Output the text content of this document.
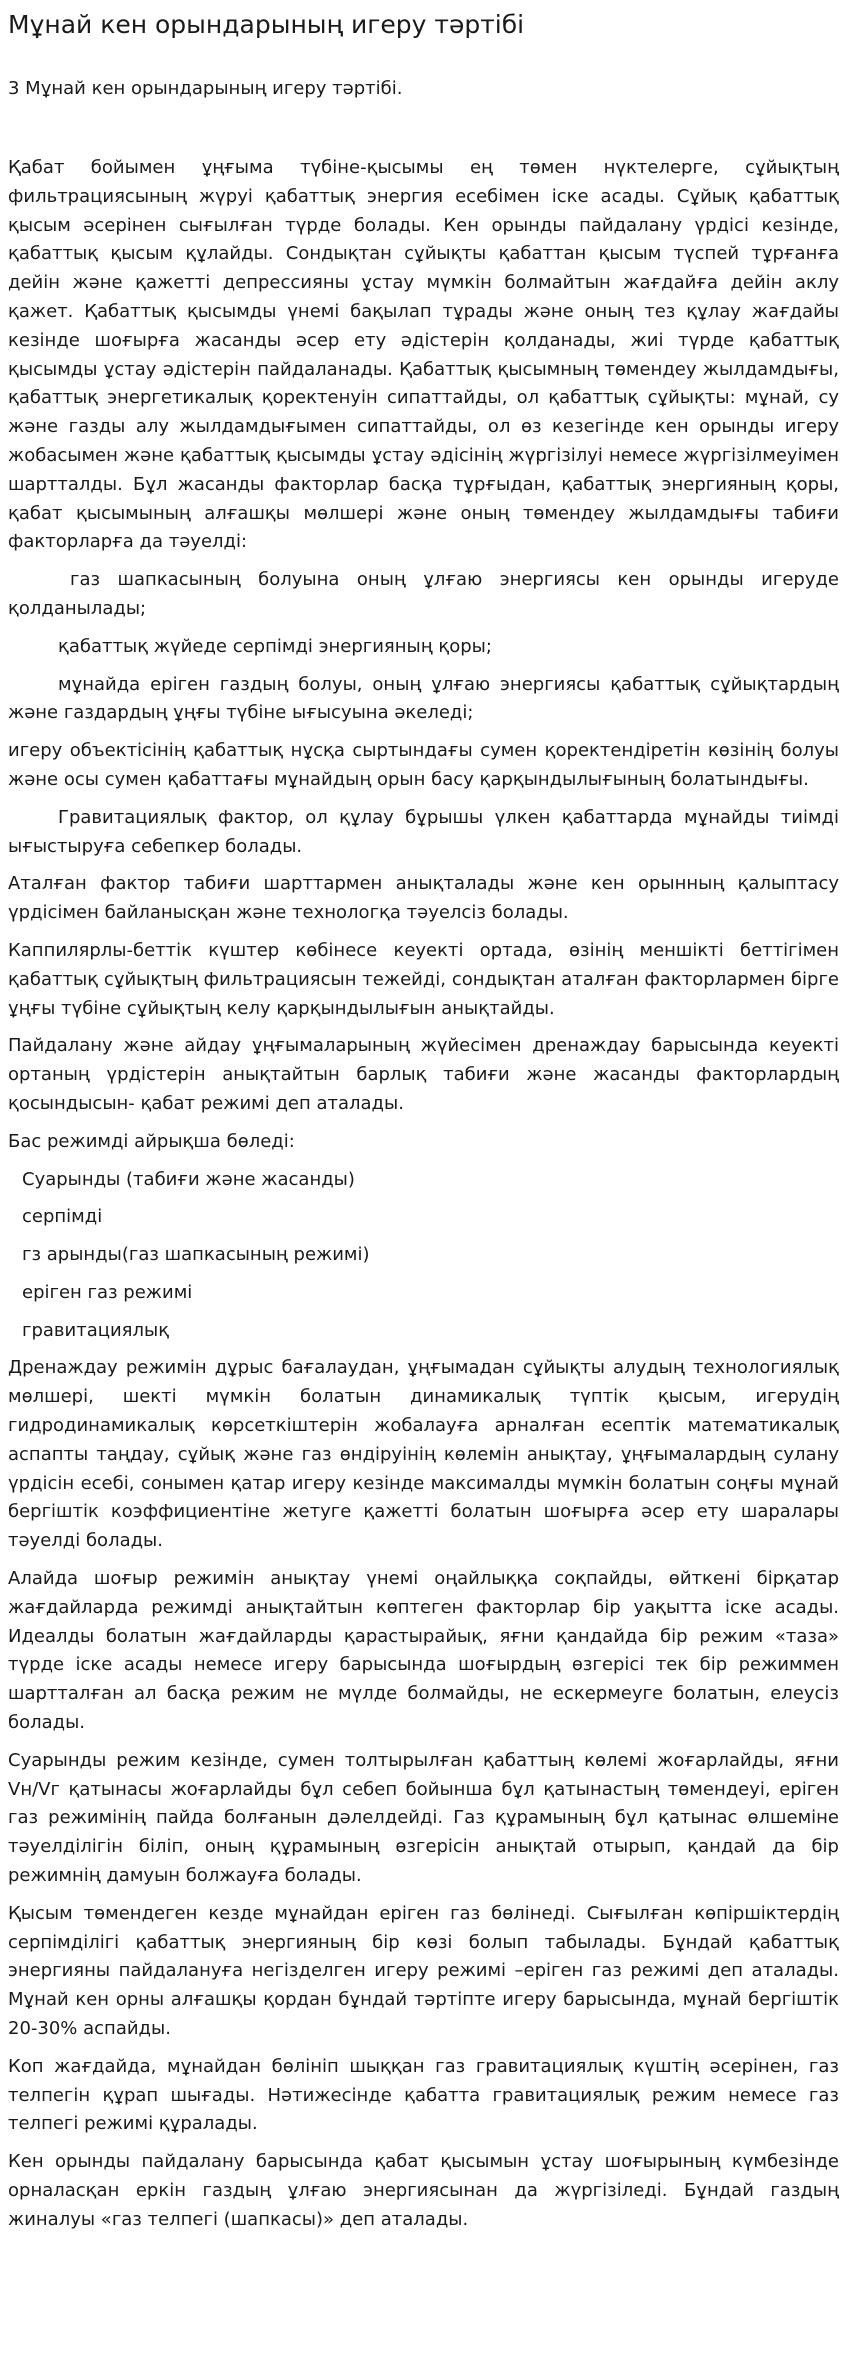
Мұнай кен орындарының игеру тәртібі

3 Мұнай кен орындарының игеру тәртібі.

Қабат бойымен ұңғыма түбіне-қысымы ең төмен нүктелерге, сұйықтың фильтрациясының жүруі қабаттық энергия есебімен іске асады. Сұйық қабаттық қысым әсерінен сығылған түрде болады. Кен орынды пайдалану үрдісі кезінде, қабаттық қысым құлайды. Сондықтан сұйықты қабаттан қысым түспей тұрғанға дейін және қажетті депрессияны ұстау мүмкін болмайтын жағдайға дейін аклу қажет. Қабаттық қысымды үнемі бақылап тұрады және оның тез құлау жағдайы кезінде шоғырға жасанды әсер ету әдістерін қолданады, жиі түрде қабаттық қысымды ұстау әдістерін пайдаланады. Қабаттық қысымның төмендеу жылдамдығы, қабаттық энергетикалық қоректенуін сипаттайды, ол қабаттық сұйықты: мұнай, су және газды алу жылдамдығымен сипаттайды, ол өз кезегінде кен орынды игеру жобасымен және қабаттық қысымды ұстау әдісінің жүргізілуі немесе жүргізілмеуімен шартталды. Бұл жасанды факторлар басқа тұрғыдан, қабаттық энергияның қоры, қабат қысымының алғашқы мөлшері және оның төмендеу жылдамдығы табиғи факторларға да тәуелді:

газ шапкасының болуына оның ұлғаю энергиясы кен орынды игеруде қолданылады;

қабаттық жүйеде серпімді энергияның қоры;

мұнайда еріген газдың болуы, оның ұлғаю энергиясы қабаттық сұйықтардың және газдардың ұңғы түбіне ығысуына әкеледі;

игеру объектісінің қабаттық нұсқа сыртындағы сумен қоректендіретін көзінің болуы және осы сумен қабаттағы мұнайдың орын басу қарқындылығының болатындығы.

Гравитациялық фактор, ол құлау бұрышы үлкен қабаттарда мұнайды тиімді ығыстыруға себепкер болады.

Аталған фактор табиғи шарттармен анықталады және кен орынның қалыптасу үрдісімен байланысқан және технологқа тәуелсіз болады.

Каппилярлы-беттік күштер көбінесе кеуекті ортада, өзінің меншікті беттігімен қабаттық сұйықтың фильтрациясын тежейді, сондықтан аталған факторлармен бірге ұңғы түбіне сұйықтың келу қарқындылығын анықтайды.

Пайдалану және айдау ұңғымаларының жүйесімен дренаждау барысында кеуекті ортаның үрдістерін анықтайтын барлық табиғи және жасанды факторлардың қосындысын- қабат режимі деп аталады.

Бас режимді айрықша бөледі:

Суарынды (табиғи және жасанды)

серпімді

гз арынды(газ шапкасының режимі)

еріген газ режимі

гравитациялық

Дренаждау режимін дұрыс бағалаудан, ұңғымадан сұйықты алудың технологиялық мөлшері, шекті мүмкін болатын динамикалық түптік қысым, игерудің гидродинамикалық көрсеткіштерін жобалауға арналған есептік математикалық аспапты таңдау, сұйық және газ өндіруінің көлемін анықтау, ұңғымалардың сулану үрдісін есебі, сонымен қатар игеру кезінде максималды мүмкін болатын соңғы мұнай бергіштік коэффициентіне жетуге қажетті болатын шоғырға әсер ету шаралары тәуелді болады.

Алайда шоғыр режимін анықтау үнемі оңайлыққа соқпайды, өйткені бірқатар жағдайларда режимді анықтайтын көптеген факторлар бір уақытта іске асады. Идеалды болатын жағдайларды қарастырайық, яғни қандайда бір режим «таза» түрде іске асады немесе игеру барысында шоғырдың өзгерісі тек бір режиммен шартталған ал басқа режим не мүлде болмайды, не ескермеуге болатын, елеусіз болады.

Суарынды режим кезінде, сумен толтырылған қабаттың көлемі жоғарлайды, яғни Vн/Vг қатынасы жоғарлайды бұл себеп бойынша бұл қатынастың төмендеуі, еріген газ режимінің пайда болғанын дәлелдейді. Газ құрамының бұл қатынас өлшеміне тәуелділігін біліп, оның құрамының өзгерісін анықтай отырып, қандай да бір режимнің дамуын болжауға болады.

Қысым төмендеген кезде мұнайдан еріген газ бөлінеді. Сығылған көпіршіктердің серпімділігі қабаттық энергияның бір көзі болып табылады. Бұндай қабаттық энергияны пайдалануға негізделген игеру режимі –еріген газ режимі деп аталады. Мұнай кен орны алғашқы қордан бұндай тәртіпте игеру барысында, мұнай бергіштік 20-30% аспайды.

Коп жағдайда, мұнайдан бөлініп шыққан газ гравитациялық күштің әсерінен, газ телпегін құрап шығады. Нәтижесінде қабатта гравитациялық режим немесе газ телпегі режимі құралады.

Кен орынды пайдалану барысында қабат қысымын ұстау шоғырының күмбезінде орналасқан еркін газдың ұлғаю энергиясынан да жүргізіледі. Бұндай газдың жиналуы «газ телпегі (шапкасы)» деп аталады.
